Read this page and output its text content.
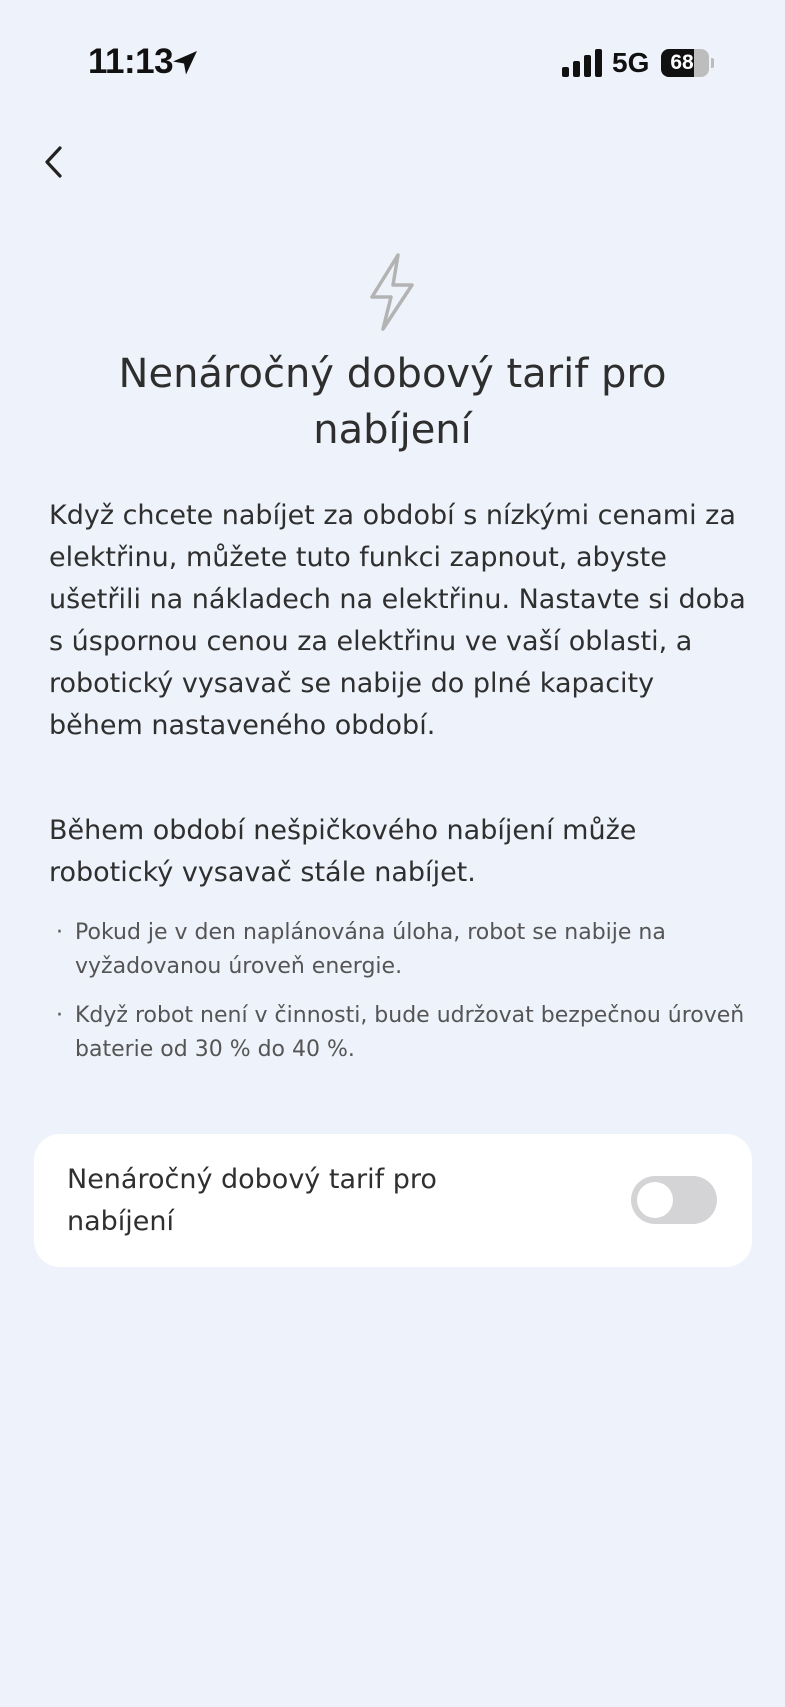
11:13	5G 68
Nenáročný dobový tarif pro nabíjení

Když chcete nabíjet za období s nízkými cenami za elektřinu, můžete tuto funkci zapnout, abyste ušetřili na nákladech na elektřinu. Nastavte si doba s úspornou cenou za elektřinu ve vaší oblasti, a robotický vysavač se nabije do plné kapacity během nastaveného období.

Během období nešpičkového nabíjení může robotický vysavač stále nabíjet.

· Pokud je v den naplánována úloha, robot se nabije na vyžadovanou úroveň energie.
· Když robot není v činnosti, bude udržovat bezpečnou úroveň baterie od 30 % do 40 %.
Nenáročný dobový tarif pro nabíjení
